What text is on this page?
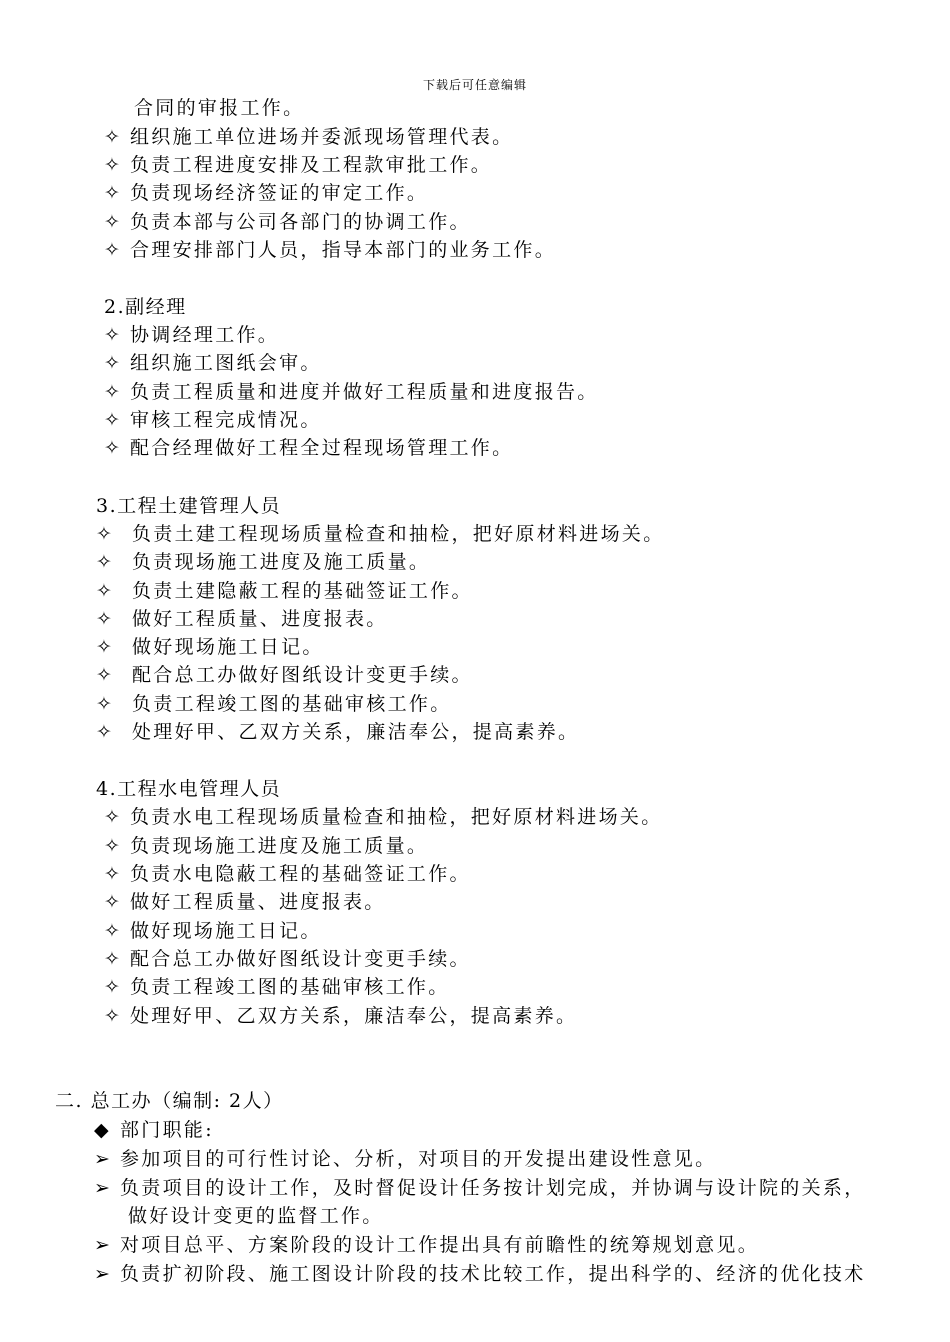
下载后可任意编辑
合同的审报工作。
✧ 组织施工单位进场并委派现场管理代表。
✧ 负责工程进度安排及工程款审批工作。
✧ 负责现场经济签证的审定工作。
✧ 负责本部与公司各部门的协调工作。
✧ 合理安排部门人员，指导本部门的业务工作。
2.副经理
✧ 协调经理工作。
✧ 组织施工图纸会审。
✧ 负责工程质量和进度并做好工程质量和进度报告。
✧ 审核工程完成情况。
✧ 配合经理做好工程全过程现场管理工作。
3.工程土建管理人员
✧ 负责土建工程现场质量检查和抽检，把好原材料进场关。
✧ 负责现场施工进度及施工质量。
✧ 负责土建隐蔽工程的基础签证工作。
✧ 做好工程质量、进度报表。
✧ 做好现场施工日记。
✧ 配合总工办做好图纸设计变更手续。
✧ 负责工程竣工图的基础审核工作。
✧ 处理好甲、乙双方关系，廉洁奉公，提高素养。
4.工程水电管理人员
✧ 负责水电工程现场质量检查和抽检，把好原材料进场关。
✧ 负责现场施工进度及施工质量。
✧ 负责水电隐蔽工程的基础签证工作。
✧ 做好工程质量、进度报表。
✧ 做好现场施工日记。
✧ 配合总工办做好图纸设计变更手续。
✧ 负责工程竣工图的基础审核工作。
✧ 处理好甲、乙双方关系，廉洁奉公，提高素养。
二. 总工办（编制: 2人）
◆ 部门职能:
➢ 参加项目的可行性讨论、分析，对项目的开发提出建设性意见。
➢ 负责项目的设计工作，及时督促设计任务按计划完成，并协调与设计院的关系，
做好设计变更的监督工作。
➢ 对项目总平、方案阶段的设计工作提出具有前瞻性的统筹规划意见。
➢ 负责扩初阶段、施工图设计阶段的技术比较工作，提出科学的、经济的优化技术
